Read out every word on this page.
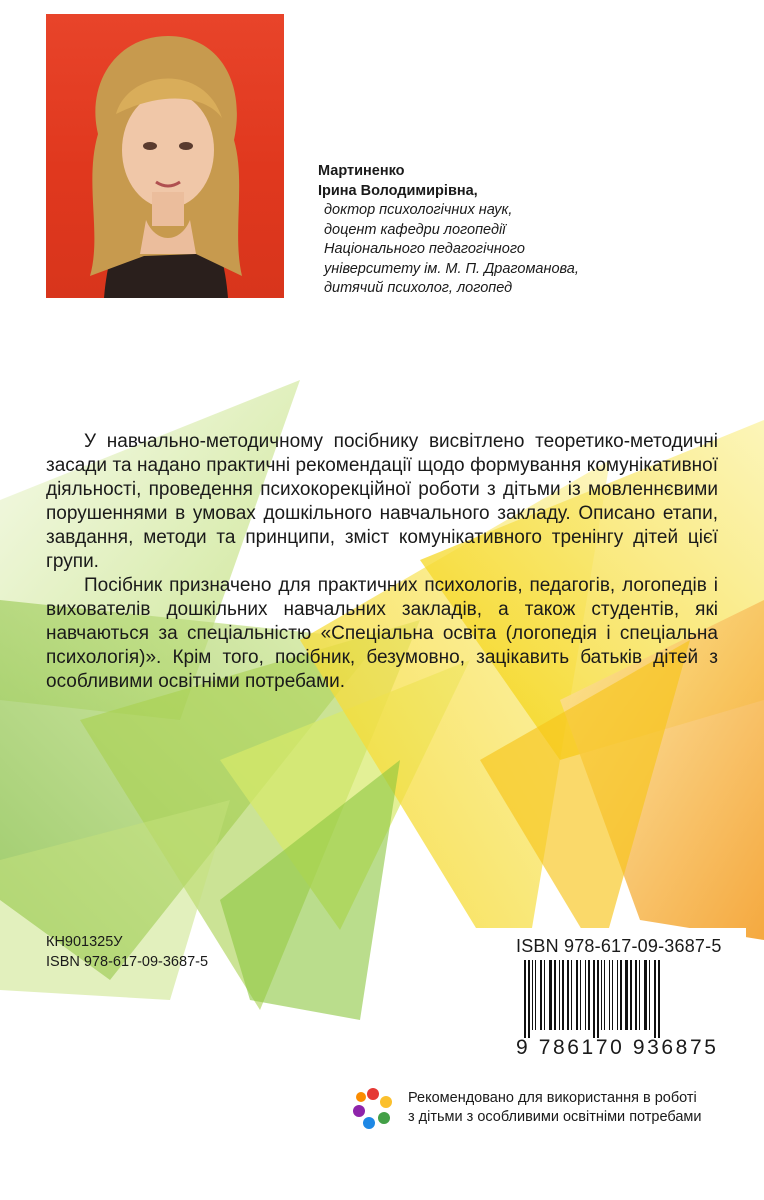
Мартиненко
Ірина Володимирівна,
доктор психологічних наук,
доцент кафедри логопедії
Національного педагогічного
університету ім. М. П. Драгоманова,
дитячий психолог, логопед

У навчально-методичному посібнику висвітлено теоретико-методичні засади та надано практичні рекомендації щодо формування комунікативної діяльності, проведення психокорекційної роботи з дітьми із мовленнєвими порушеннями в умовах дошкільного навчального закладу. Описано етапи, завдання, методи та принципи, зміст комунікативного тренінгу дітей цієї групи.

Посібник призначено для практичних психологів, педагогів, логопедів і вихователів дошкільних навчальних закладів, а також студентів, які навчаються за спеціальністю «Спеціальна освіта (логопедія і спеціальна психологія)». Крім того, посібник, безумовно, зацікавить батьків дітей з особливими освітніми потребами.

КН901325У
ISBN 978-617-09-3687-5
ISBN 978-617-09-3687-5
9 786170 936875
Рекомендовано для використання в роботі
з дітьми з особливими освітніми потребами
